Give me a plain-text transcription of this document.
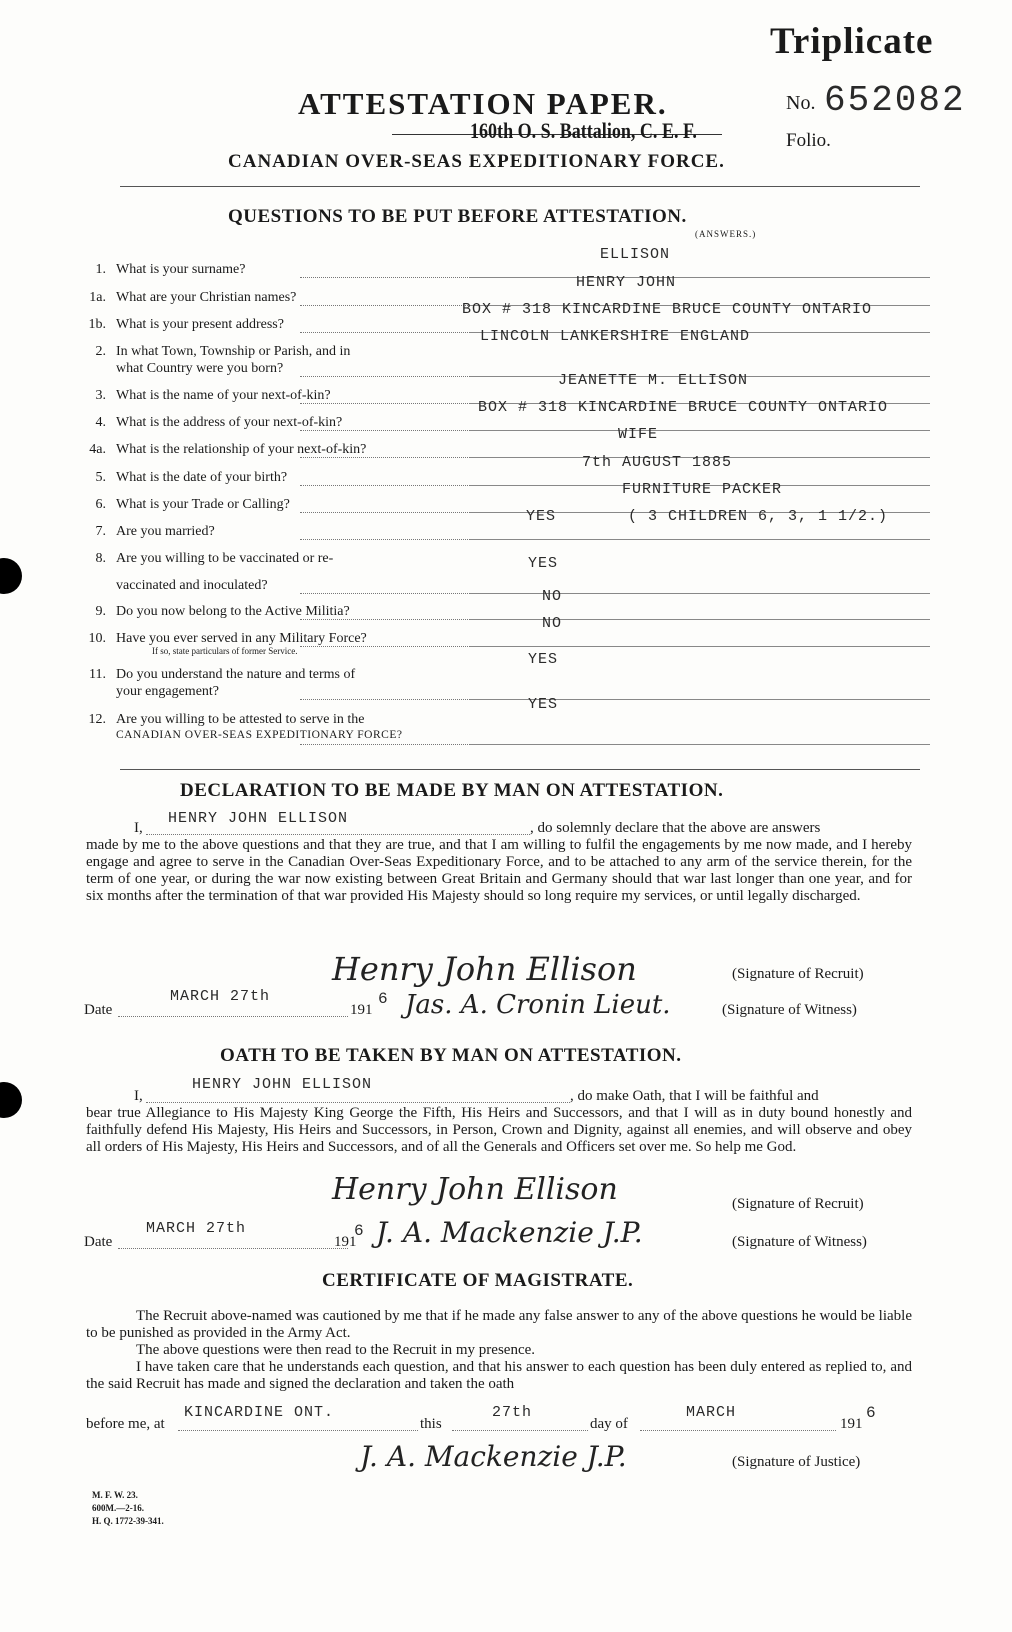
Triplicate
ATTESTATION PAPER.	No. 652082
Folio.
160th O. S. Battalion, C. E. F.
CANADIAN OVER-SEAS EXPEDITIONARY FORCE.
QUESTIONS TO BE PUT BEFORE ATTESTATION.
(ANSWERS.)
1. What is your surname?
ELLISON
1a. What are your Christian names?
HENRY JOHN
1b. What is your present address?
BOX # 318 KINCARDINE BRUCE COUNTY ONTARIO
2. In what Town, Township or Parish, and in
what Country were you born?
LINCOLN LANKERSHIRE ENGLAND
3. What is the name of your next-of-kin?
JEANETTE M. ELLISON
4. What is the address of your next-of-kin?
BOX # 318 KINCARDINE BRUCE COUNTY ONTARIO
4a. What is the relationship of your next-of-kin?
WIFE
5. What is the date of your birth?
7th AUGUST 1885
6. What is your Trade or Calling?
FURNITURE PACKER
7. Are you married?
YES	( 3 CHILDREN 6, 3, 1 1/2.)
8. Are you willing to be vaccinated or re-
vaccinated and inoculated?
YES
9. Do you now belong to the Active Militia?
NO
10. Have you ever served in any Military Force?
If so, state particulars of former Service.
NO
11. Do you understand the nature and terms of
your engagement?
YES
12. Are you willing to be attested to serve in the
CANADIAN OVER-SEAS EXPEDITIONARY FORCE?
YES
DECLARATION TO BE MADE BY MAN ON ATTESTATION.
I,
HENRY JOHN ELLISON
, do solemnly declare that the above are answers
made by me to the above questions and that they are true, and that I am willing to fulfil the engagements by me now made, and I hereby engage and agree to serve in the Canadian Over-Seas Expeditionary Force, and to be attached to any arm of the service therein, for the term of one year, or during the war now existing between Great Britain and Germany should that war last longer than one year, and for six months after the termination of that war provided His Majesty should so long require my services, or until legally discharged.
Henry John Ellison	(Signature of Recruit)
Date
MARCH 27th
191
6 Jas. A. Cronin Lieut.	(Signature of Witness)
OATH TO BE TAKEN BY MAN ON ATTESTATION.
I,
HENRY JOHN ELLISON
, do make Oath, that I will be faithful and
bear true Allegiance to His Majesty King George the Fifth, His Heirs and Successors, and that I will as in duty bound honestly and faithfully defend His Majesty, His Heirs and Successors, in Person, Crown and Dignity, against all enemies, and will observe and obey all orders of His Majesty, His Heirs and Successors, and of all the Generals and Officers set over me. So help me God.
Henry John Ellison	(Signature of Recruit)
Date
MARCH 27th
191
6 J. A. Mackenzie J.P.	(Signature of Witness)
CERTIFICATE OF MAGISTRATE.
The Recruit above-named was cautioned by me that if he made any false answer to any of the above questions he would be liable to be punished as provided in the Army Act.
The above questions were then read to the Recruit in my presence.
I have taken care that he understands each question, and that his answer to each question has been duly entered as replied to, and the said Recruit has made and signed the declaration and taken the oath
before me, at
KINCARDINE ONT.
this
27th
day of
MARCH
191
6
J. A. Mackenzie J.P.	(Signature of Justice)
M. F. W. 23.
600M.—2-16.
H. Q. 1772-39-341.
